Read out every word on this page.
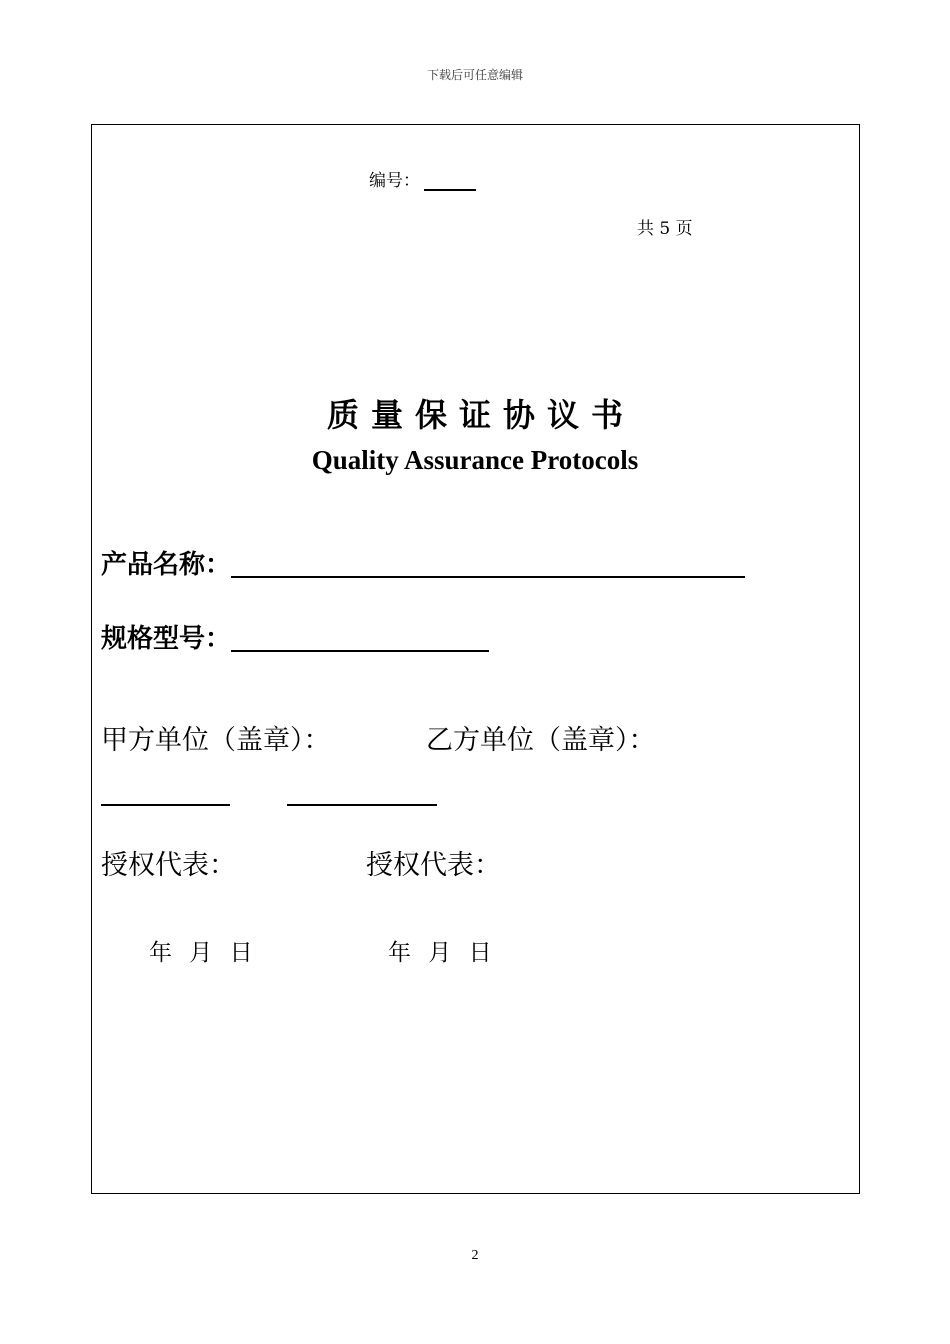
下载后可任意编辑
编号：
共 5 页
质量保证协议书
Quality Assurance Protocols
产品名称：
规格型号：
甲方单位（盖章）：	乙方单位（盖章）：
授权代表：	授权代表：
年 月 日	年 月 日
2
